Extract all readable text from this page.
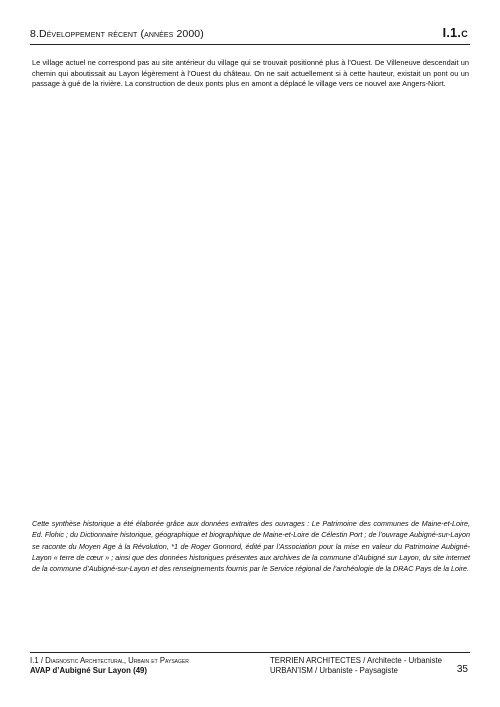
8.Développement récent (années 2000)	I.1.c

Le village actuel ne correspond pas au site antérieur du village qui se trouvait positionné plus à l’Ouest. De Villeneuve descendait un chemin qui aboutissait au Layon légèrement à l’Ouest du château. On ne sait actuellement si à cette hauteur, existait un pont ou un passage à gué de la rivière. La construction de deux ponts plus en amont a déplacé le village vers ce nouvel axe Angers-Niort.

Cette synthèse historique a été élaborée grâce aux données extraites des ouvrages : Le Patrimoine des communes de Maine-et-Loire, Ed. Flohic ; du Dictionnaire historique, géographique et biographique de Maine-et-Loire de Célestin Port ; de l’ouvrage Aubigné-sur-Layon se raconte du Moyen Age à la Révolution, *1 de Roger Gonnord, édité par l’Association pour la mise en valeur du Patrimoine Aubigné-Layon « terre de cœur » ; ainsi que des données historiques présentes aux archives de la commune d’Aubigné sur Layon, du site internet de la commune d’Aubigné-sur-Layon et des renseignements fournis par le Service régional de l’archéologie de la DRAC Pays de la Loire.

I.1 / Diagnostic Architectural, Urbain et Paysager
AVAP d’Aubigné Sur Layon (49)
TERRIEN ARCHITECTES / Architecte - Urbaniste
URBAN’ISM / Urbaniste - Paysagiste	35
